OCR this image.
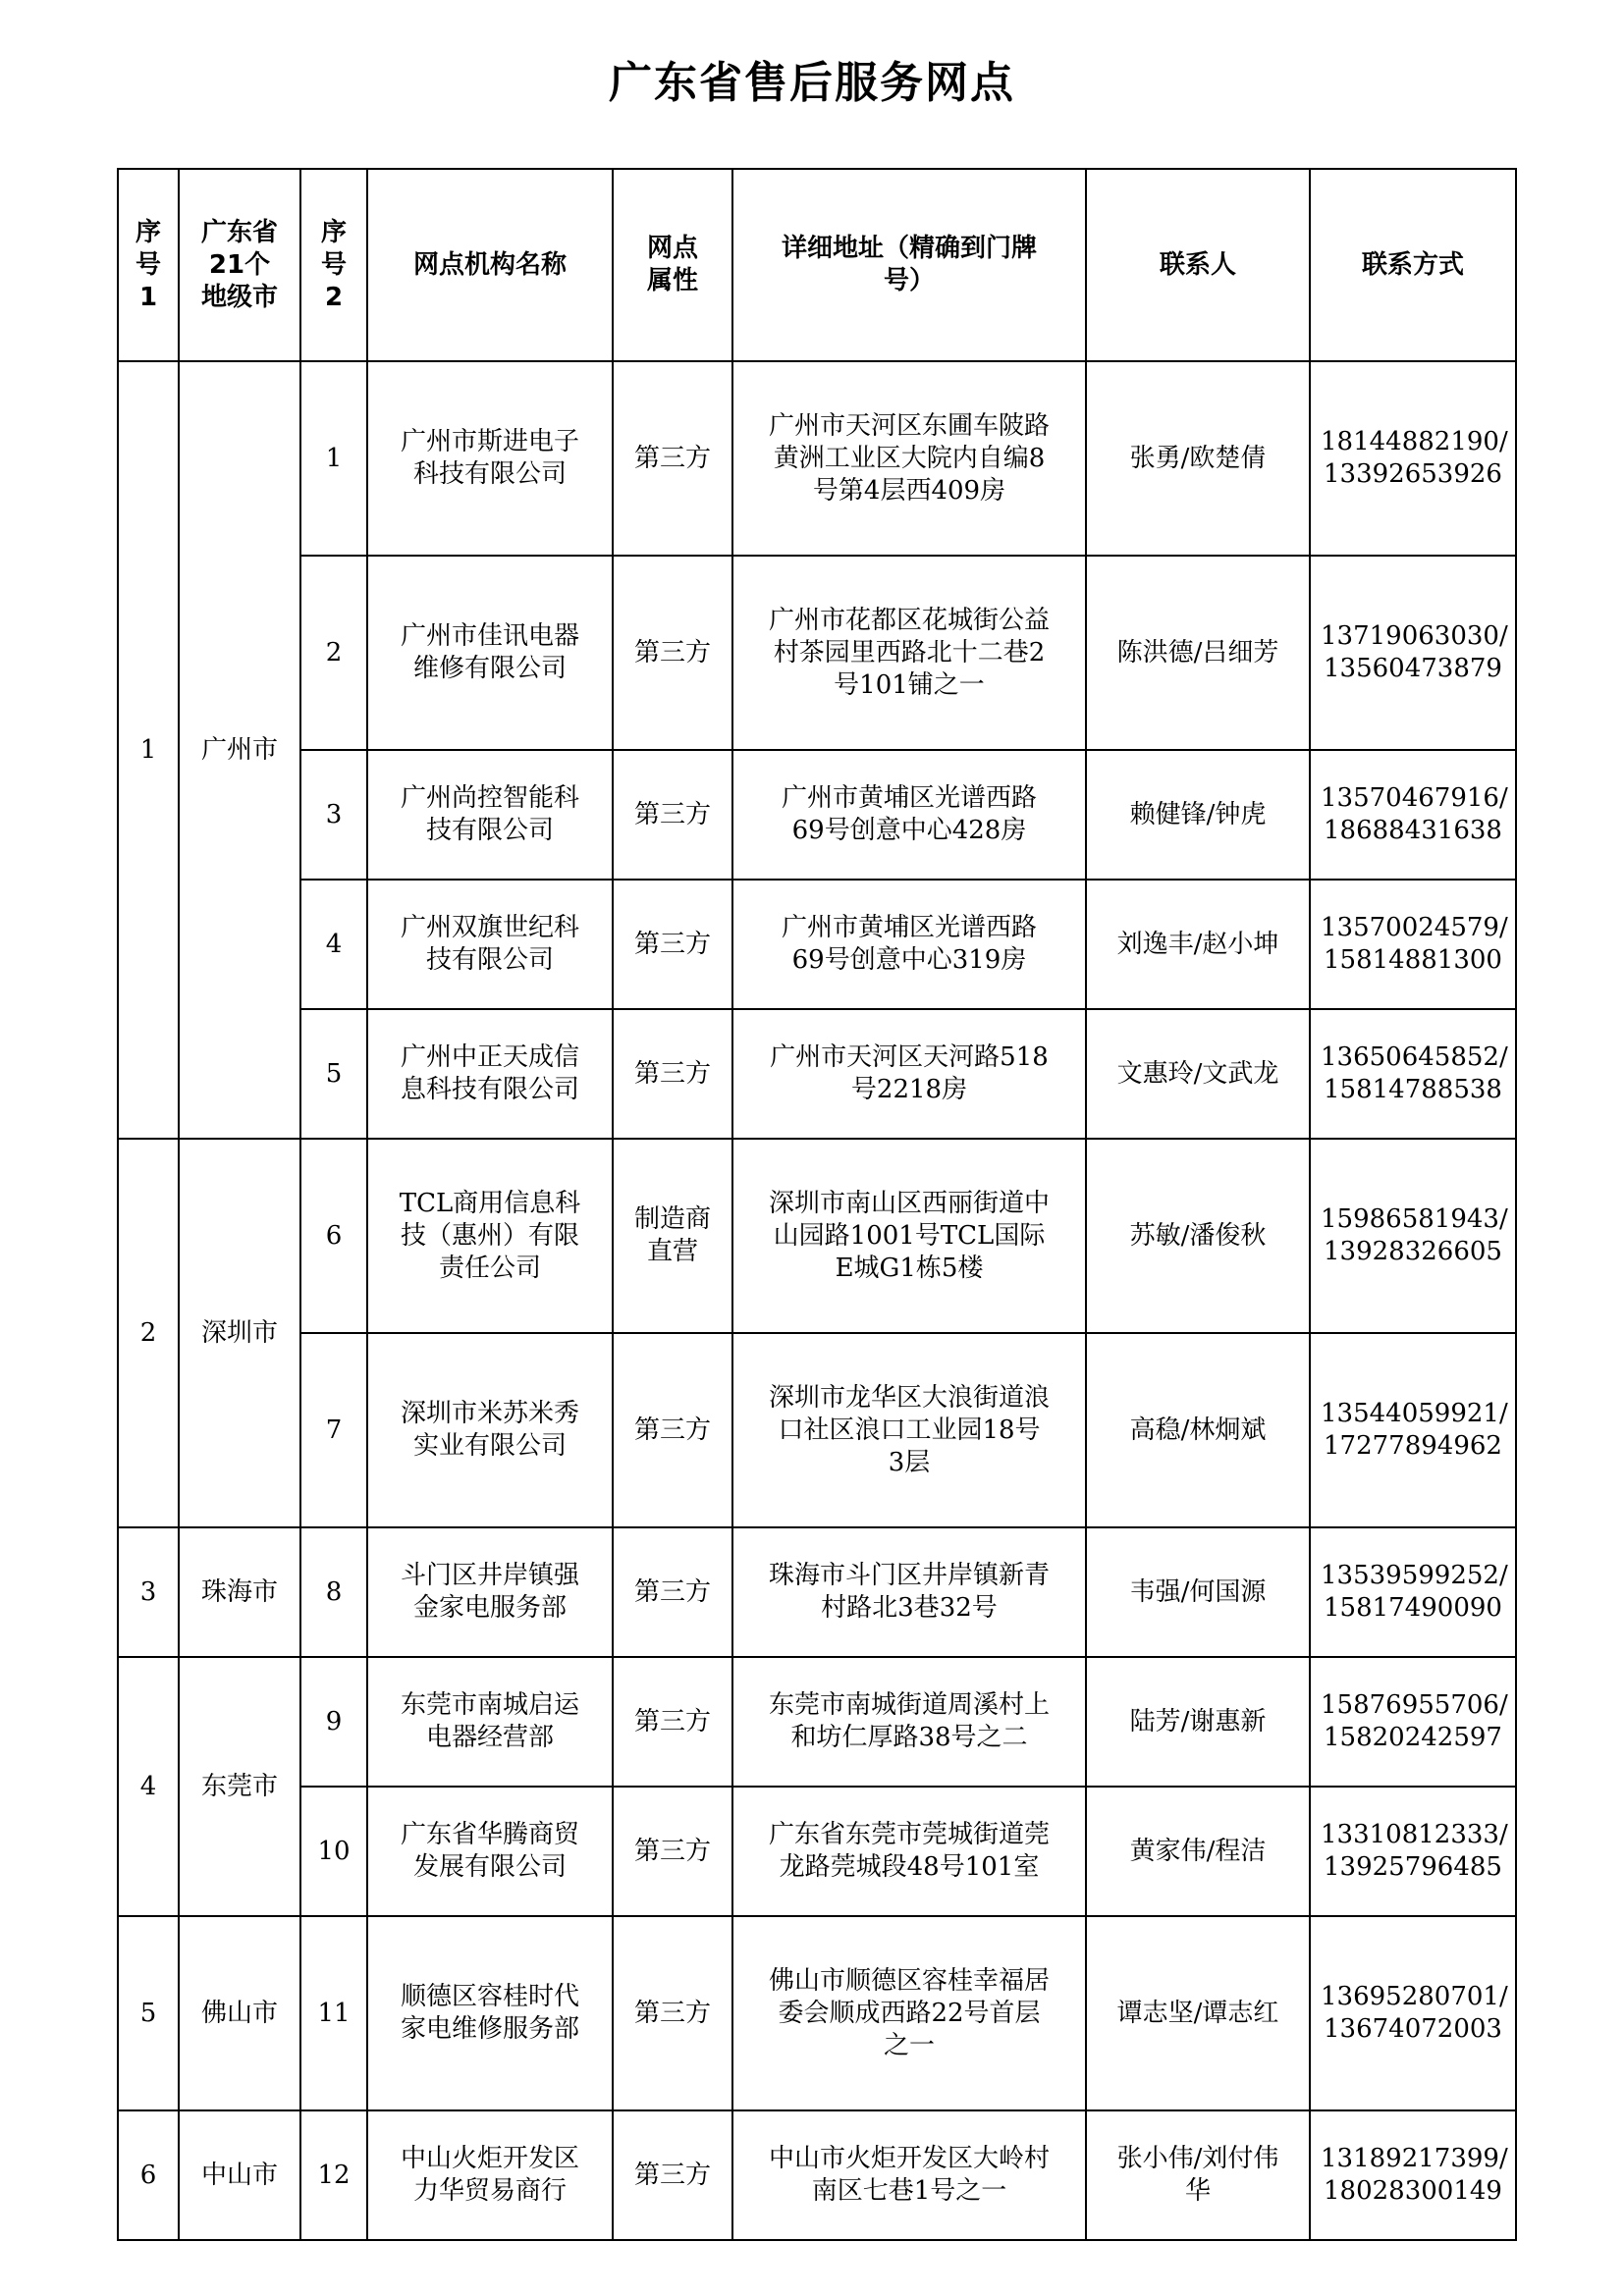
广东省售后服务网点
序
号
1	广东省
21个
地级市	序
号
2	网点机构名称	网点
属性	详细地址（精确到门牌
号）	联系人	联系方式
1	广州市	1	广州市斯进电子
科技有限公司	第三方	广州市天河区东圃车陂路
黄洲工业区大院内自编8
号第4层西409房	张勇/欧楚倩	18144882190/
13392653926
		2	广州市佳讯电器
维修有限公司	第三方	广州市花都区花城街公益
村茶园里西路北十二巷2
号101铺之一	陈洪德/吕细芳	13719063030/
13560473879
		3	广州尚控智能科
技有限公司	第三方	广州市黄埔区光谱西路
69号创意中心428房	赖健锋/钟虎	13570467916/
18688431638
		4	广州双旗世纪科
技有限公司	第三方	广州市黄埔区光谱西路
69号创意中心319房	刘逸丰/赵小坤	13570024579/
15814881300
		5	广州中正天成信
息科技有限公司	第三方	广州市天河区天河路518
号2218房	文惠玲/文武龙	13650645852/
15814788538
2	深圳市	6	TCL商用信息科
技（惠州）有限
责任公司	制造商
直营	深圳市南山区西丽街道中
山园路1001号TCL国际
E城G1栋5楼	苏敏/潘俊秋	15986581943/
13928326605
		7	深圳市米苏米秀
实业有限公司	第三方	深圳市龙华区大浪街道浪
口社区浪口工业园18号
3层	高稳/林炯斌	13544059921/
17277894962
3	珠海市	8	斗门区井岸镇强
金家电服务部	第三方	珠海市斗门区井岸镇新青
村路北3巷32号	韦强/何国源	13539599252/
15817490090
4	东莞市	9	东莞市南城启运
电器经营部	第三方	东莞市南城街道周溪村上
和坊仁厚路38号之二	陆芳/谢惠新	15876955706/
15820242597
		10	广东省华腾商贸
发展有限公司	第三方	广东省东莞市莞城街道莞
龙路莞城段48号101室	黄家伟/程洁	13310812333/
13925796485
5	佛山市	11	顺德区容桂时代
家电维修服务部	第三方	佛山市顺德区容桂幸福居
委会顺成西路22号首层
之一	谭志坚/谭志红	13695280701/
13674072003
6	中山市	12	中山火炬开发区
力华贸易商行	第三方	中山市火炬开发区大岭村
南区七巷1号之一	张小伟/刘付伟
华	13189217399/
18028300149
